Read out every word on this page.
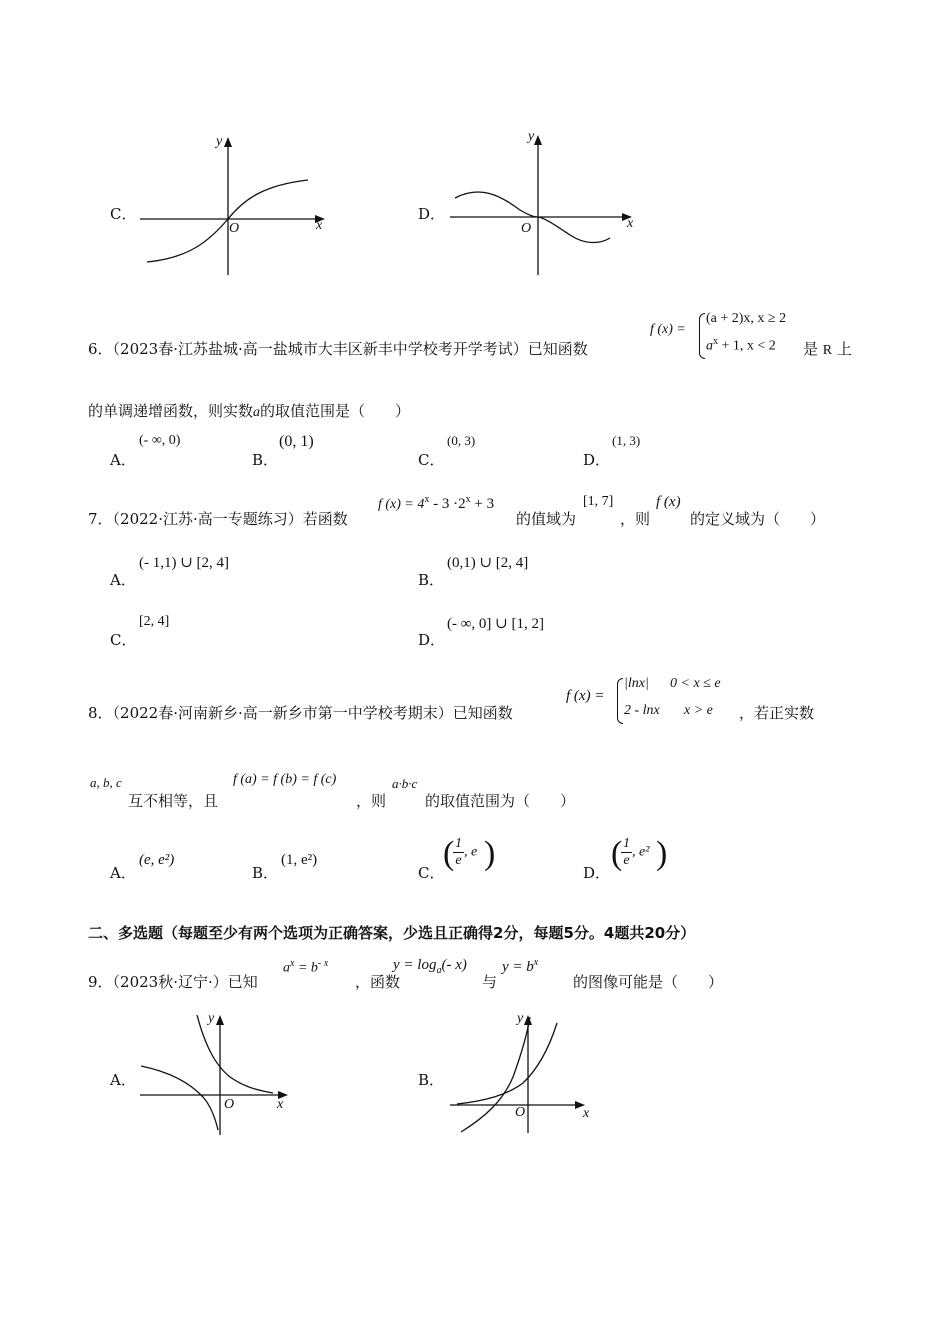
C．
y
x
O
D．
y
x
O
6．（2023春·江苏盐城·高一盐城市大丰区新丰中学校考开学考试）已知函数
f (x) =
(a + 2)x, x ≥ 2
$a^x + 1$, x < 2 是 R 上
的单调递增函数，则实数a的取值范围是（　　）
A．
(- ∞, 0)
B．
(0, 1)
C．
(0, 3)
D．
(1, 3)
7．（2022·江苏·高一专题练习）若函数
f $(x) = 4^x - 3 \cdot 2^x + 3$
的值域为
[1, 7]
，则
f (x)
的定义域为（　　）
A．
(- 1,1) ∪ [2, 4]
B．
(0,1) ∪ [2, 4]
C．
[2, 4]
D．
(- ∞, 0] ∪ [1, 2]
8．（2022春·河南新乡·高一新乡市第一中学校考期末）已知函数
f (x) =
|lnx| 0 < x ≤ e
2 - lnx x > e ，若正实数
a, b, c
互不相等，且
f (a) = f (b) = f (c)
，则
a·b·c
的取值范围为（　　）
A．
(e, e²)
B．
(1, e²)
C．
(
$\frac{1}{e}$ , e )
D．
(
$\frac{1}{e}$ , e² )
二、多选题（每题至少有两个选项为正确答案，少选且正确得2分，每题5分。4题共20分）
9．（2023秋·辽宁·）已知
$a^x = b^{- x}$
，函数
$y = \log_a(-$ x)
与
$y = b^x$
的图像可能是（　　）
A．
y
x
O
B．
y
x
O
